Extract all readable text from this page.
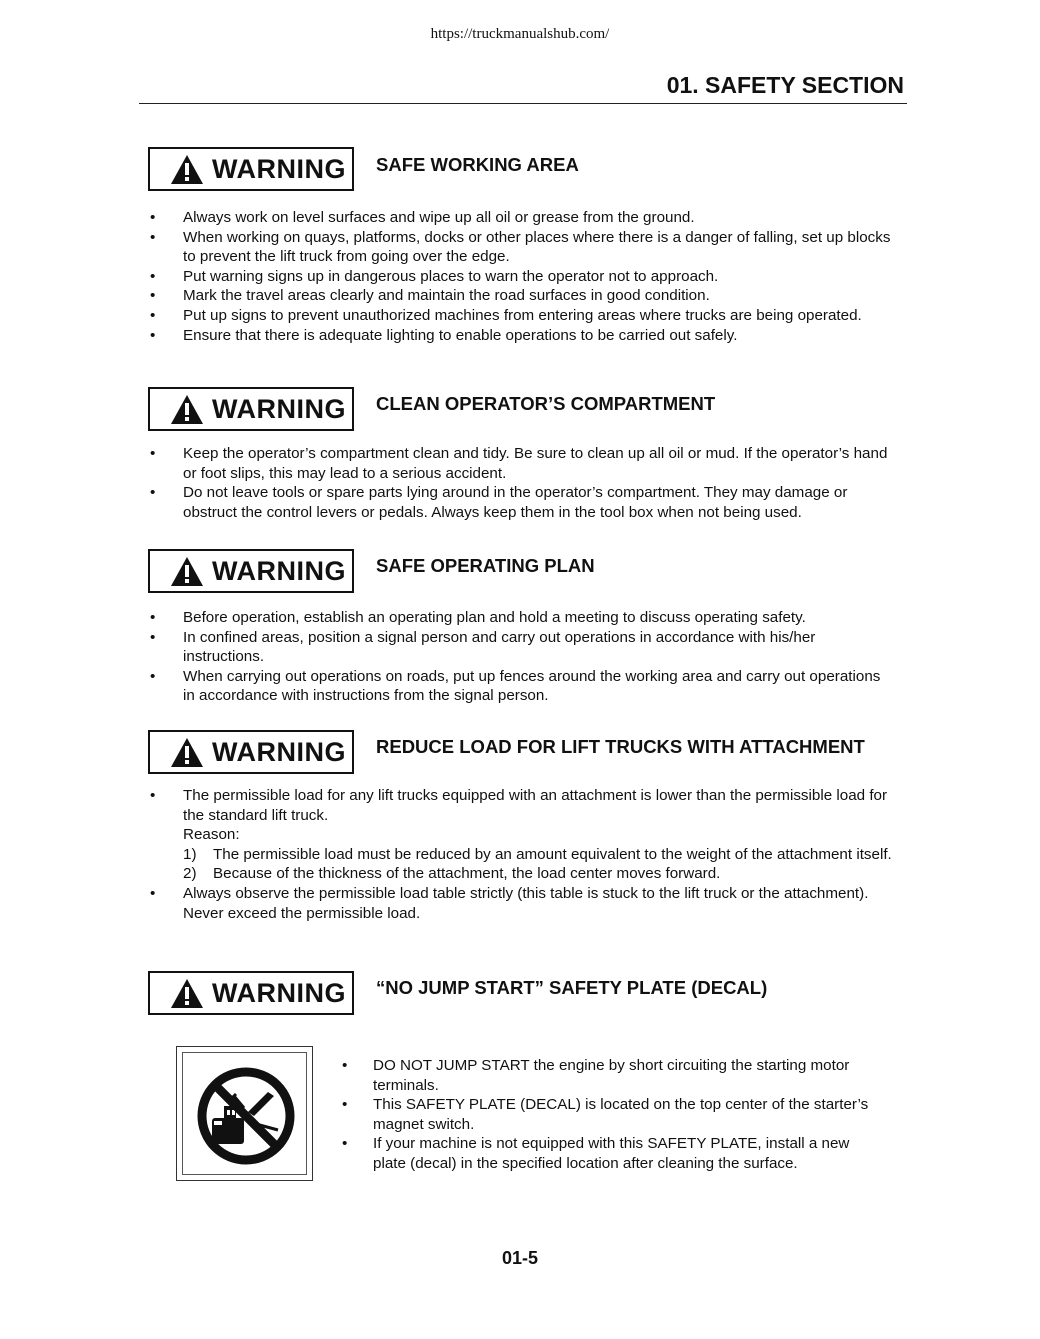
https://truckmanualshub.com/
01. SAFETY SECTION
WARNING SAFE WORKING AREA
• Always work on level surfaces and wipe up all oil or grease from the ground.
• When working on quays, platforms, docks or other places where there is a danger of falling, set up blocks to prevent the lift truck from going over the edge.
• Put warning signs up in dangerous places to warn the operator not to approach.
• Mark the travel areas clearly and maintain the road surfaces in good condition.
• Put up signs to prevent unauthorized machines from entering areas where trucks are being operated.
• Ensure that there is adequate lighting to enable operations to be carried out safely.
WARNING CLEAN OPERATOR’S COMPARTMENT
• Keep the operator’s compartment clean and tidy. Be sure to clean up all oil or mud. If the operator’s hand or foot slips, this may lead to a serious accident.
• Do not leave tools or spare parts lying around in the operator’s compartment. They may damage or obstruct the control levers or pedals. Always keep them in the tool box when not being used.
WARNING SAFE OPERATING PLAN
• Before operation, establish an operating plan and hold a meeting to discuss operating safety.
• In confined areas, position a signal person and carry out operations in accordance with his/her instructions.
• When carrying out operations on roads, put up fences around the working area and carry out operations in accordance with instructions from the signal person.
WARNING REDUCE LOAD FOR LIFT TRUCKS WITH ATTACHMENT
• The permissible load for any lift trucks equipped with an attachment is lower than the permissible load for the standard lift truck.
Reason:
1) The permissible load must be reduced by an amount equivalent to the weight of the attachment itself.
2) Because of the thickness of the attachment, the load center moves forward.
• Always observe the permissible load table strictly (this table is stuck to the lift truck or the attachment). Never exceed the permissible load.
WARNING “NO JUMP START” SAFETY PLATE (DECAL)
• DO NOT JUMP START the engine by short circuiting the starting motor terminals.
• This SAFETY PLATE (DECAL) is located on the top center of the starter’s magnet switch.
• If your machine is not equipped with this SAFETY PLATE, install a new plate (decal) in the specified location after cleaning the surface.
01-5
